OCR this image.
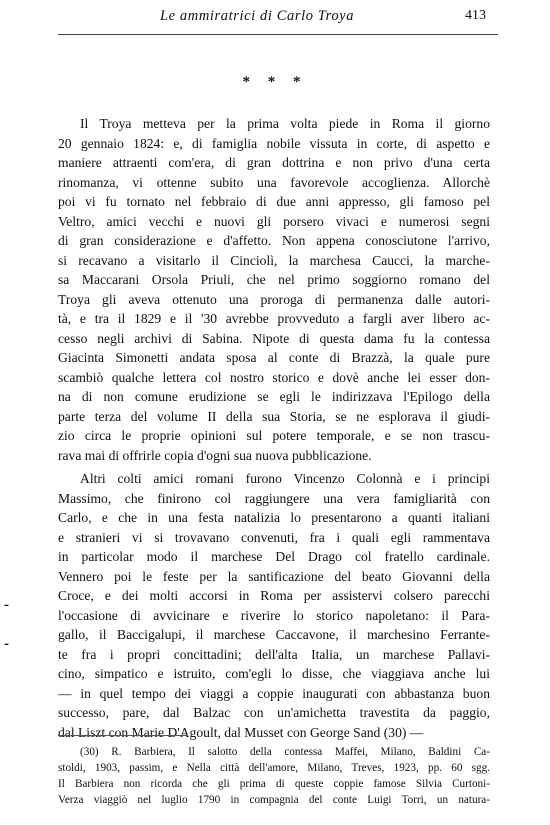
Le ammiratrici di Carlo Troya	413
* * *
Il Troya metteva per la prima volta piede in Roma il giorno
20 gennaio 1824: e, di famiglia nobile vissuta in corte, di aspetto e
maniere attraenti com'era, di gran dottrina e non privo d'una certa
rinomanza, vi ottenne subito una favorevole accoglienza. Allorchè
poi vi fu tornato nel febbraio di due anni appresso, gli famoso pel
Veltro, amici vecchi e nuovi gli porsero vivaci e numerosi segni
di gran considerazione e d'affetto. Non appena conosciutone l'arrivo,
si recavano a visitarlo il Cinciolì, la marchesa Caucci, la marche-
sa Maccarani Orsola Priuli, che nel primo soggiorno romano del
Troya gli aveva ottenuto una proroga di permanenza dalle autori-
tà, e tra il 1829 e il '30 avrebbe provveduto a fargli aver libero ac-
cesso negli archivi di Sabina. Nipote di questa dama fu la contessa
Giacinta Simonetti andata sposa al conte di Brazzà, la quale pure
scambiò qualche lettera col nostro storico e dovè anche lei esser don-
na di non comune erudizione se egli le indirizzava l'Epilogo della
parte terza del volume II della sua Storia, se ne esplorava il giudi-
zio circa le proprie opinioni sul potere temporale, e se non trascu-
rava mai di offrirle copia d'ogni sua nuova pubblicazione.
Altri colti amici romani furono Vincenzo Colonnà e i principi
Massimo, che finirono col raggiungere una vera famigliarità con
Carlo, e che in una festa natalizia lo presentarono a quanti italiani
e stranieri vi si trovavano convenuti, fra i quali egli rammentava
in particolar modo il marchese Del Drago col fratello cardinale.
Vennero poi le feste per la santificazione del beato Giovanni della
Croce, e dei molti accorsi in Roma per assistervi colsero parecchi
l'occasione di avvicinare e riverire lo storico napoletano: il Para-
gallo, il Baccigalupi, il marchese Caccavone, il marchesino Ferrante-
te fra i propri concittadini; dell'alta Italia, un marchese Pallavi-
cino, simpatico e istruito, com'egli lo disse, che viaggiava anche lui
— in quel tempo dei viaggi a coppie inaugurati con abbastanza buon
successo, pare, dal Balzac con un'amichetta travestita da paggio,
dal Liszt con Marie D'Agoult, dal Musset con George Sand (30) —
-
-
(30) R. Barbiera, Il salotto della contessa Maffei, Milano, Baldini Ca-
stoldi, 1903, passim, e Nella città dell'amore, Milano, Treves, 1923, pp. 60 sgg.
Il Barbiera non ricorda che gli prima di queste coppie famose Silvia Curtoni-
Verza viaggiò nel luglio 1790 in compagnia del conte Luigi Torri, un natura-
